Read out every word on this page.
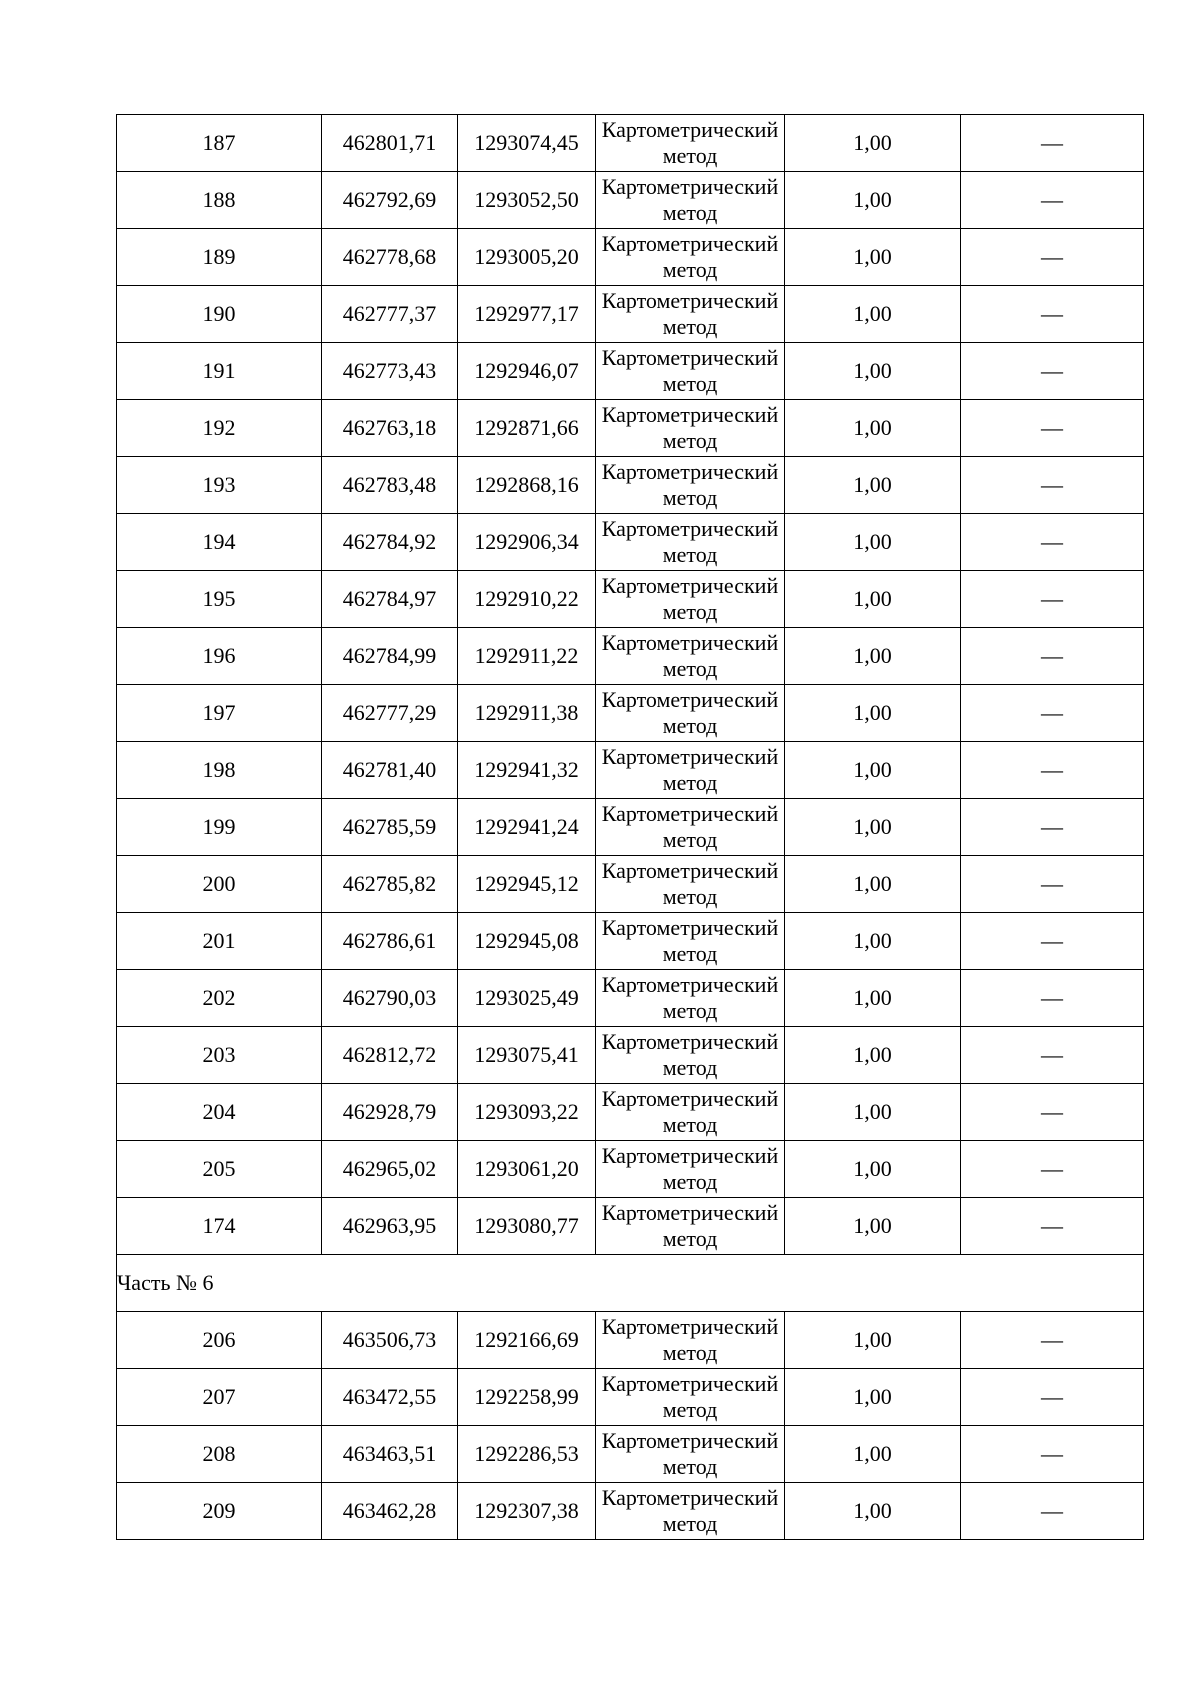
187	462801,71	1293074,45	Картометрический метод	1,00	—
188	462792,69	1293052,50	Картометрический метод	1,00	—
189	462778,68	1293005,20	Картометрический метод	1,00	—
190	462777,37	1292977,17	Картометрический метод	1,00	—
191	462773,43	1292946,07	Картометрический метод	1,00	—
192	462763,18	1292871,66	Картометрический метод	1,00	—
193	462783,48	1292868,16	Картометрический метод	1,00	—
194	462784,92	1292906,34	Картометрический метод	1,00	—
195	462784,97	1292910,22	Картометрический метод	1,00	—
196	462784,99	1292911,22	Картометрический метод	1,00	—
197	462777,29	1292911,38	Картометрический метод	1,00	—
198	462781,40	1292941,32	Картометрический метод	1,00	—
199	462785,59	1292941,24	Картометрический метод	1,00	—
200	462785,82	1292945,12	Картометрический метод	1,00	—
201	462786,61	1292945,08	Картометрический метод	1,00	—
202	462790,03	1293025,49	Картометрический метод	1,00	—
203	462812,72	1293075,41	Картометрический метод	1,00	—
204	462928,79	1293093,22	Картометрический метод	1,00	—
205	462965,02	1293061,20	Картометрический метод	1,00	—
174	462963,95	1293080,77	Картометрический метод	1,00	—
Часть № 6					
206	463506,73	1292166,69	Картометрический метод	1,00	—
207	463472,55	1292258,99	Картометрический метод	1,00	—
208	463463,51	1292286,53	Картометрический метод	1,00	—
209	463462,28	1292307,38	Картометрический метод	1,00	—
